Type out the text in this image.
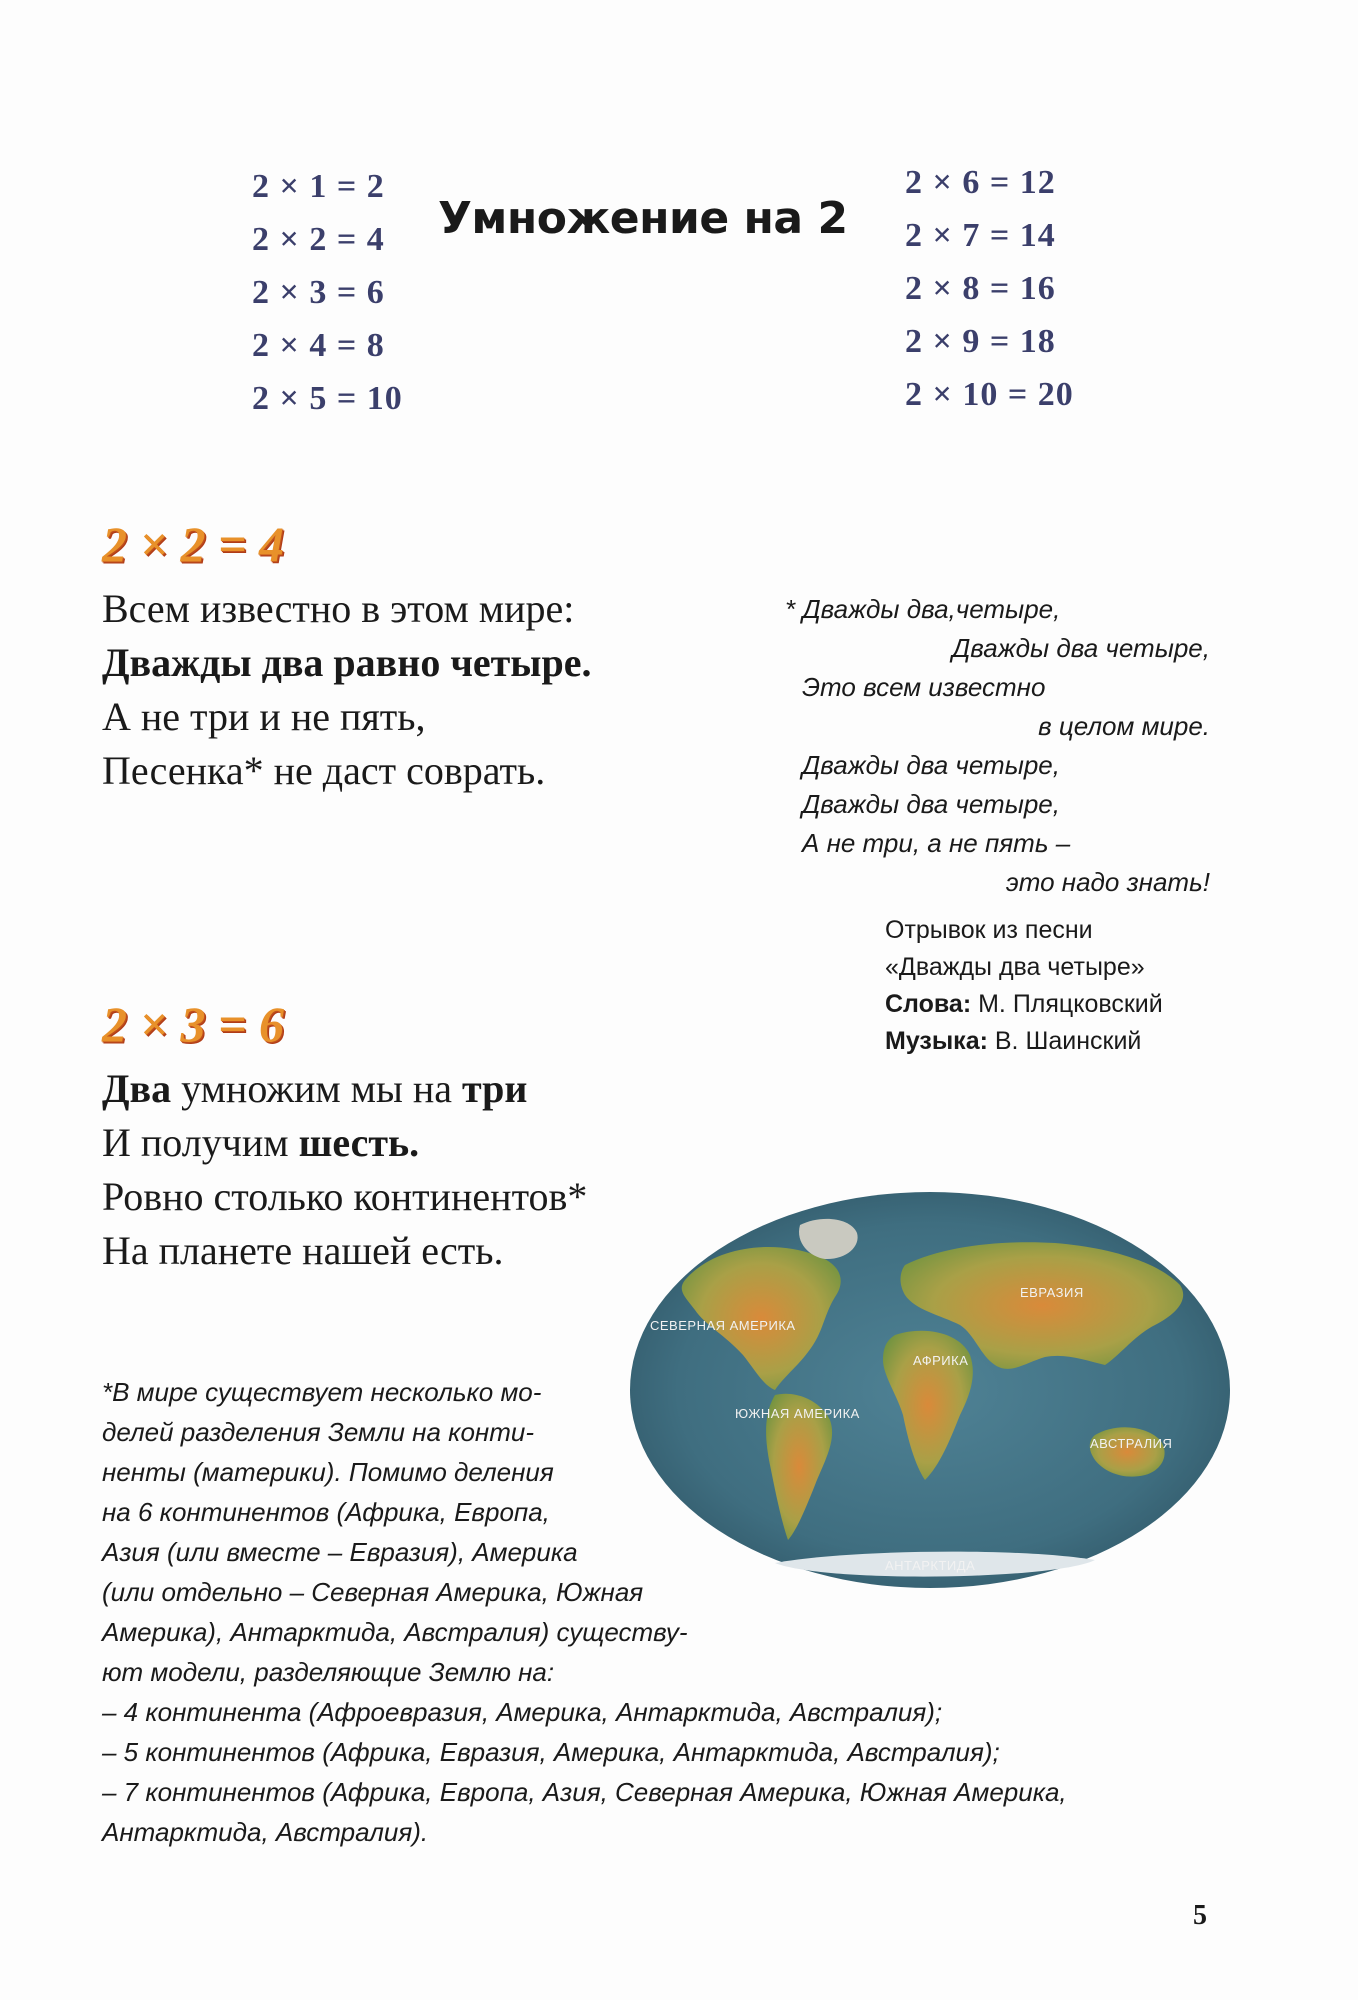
2 × 1 = 2
2 × 2 = 4
2 × 3 = 6
2 × 4 = 8
2 × 5 = 10
Умножение на 2
2 × 6 = 12
2 × 7 = 14
2 × 8 = 16
2 × 9 = 18
2 × 10 = 20
2 × 2 = 4
Всем известно в этом мире:
Дважды два равно четыре.
А не три и не пять,
Песенка* не даст соврать.
* Дважды два,четыре,
Дважды два четыре,
Это всем известно
в целом мире.
Дважды два четыре,
Дважды два четыре,
А не три, а не пять –
это надо знать!
Отрывок из песни
«Дважды два четыре»
Слова: М. Пляцковский
Музыка: В. Шаинский
2 × 3 = 6
Два умножим мы на три
И получим шесть.
Ровно столько континентов*
На планете нашей есть.
СЕВЕРНАЯ АМЕРИКА
ЕВРАЗИЯ
АФРИКА
ЮЖНАЯ АМЕРИКА
АВСТРАЛИЯ
АНТАРКТИДА
*В мире существует несколько мо-
делей разделения Земли на конти-
ненты (материки). Помимо деления
на 6 континентов (Африка, Европа,
Азия (или вместе – Евразия), Америка
(или отдельно – Северная Америка, Южная
Америка), Антарктида, Австралия) существу-
ют модели, разделяющие Землю на:
– 4 континента (Афроевразия, Америка, Антарктида, Австралия);
– 5 континентов (Африка, Евразия, Америка, Антарктида, Австралия);
– 7 континентов (Африка, Европа, Азия, Северная Америка, Южная Америка,
Антарктида, Австралия).
5
